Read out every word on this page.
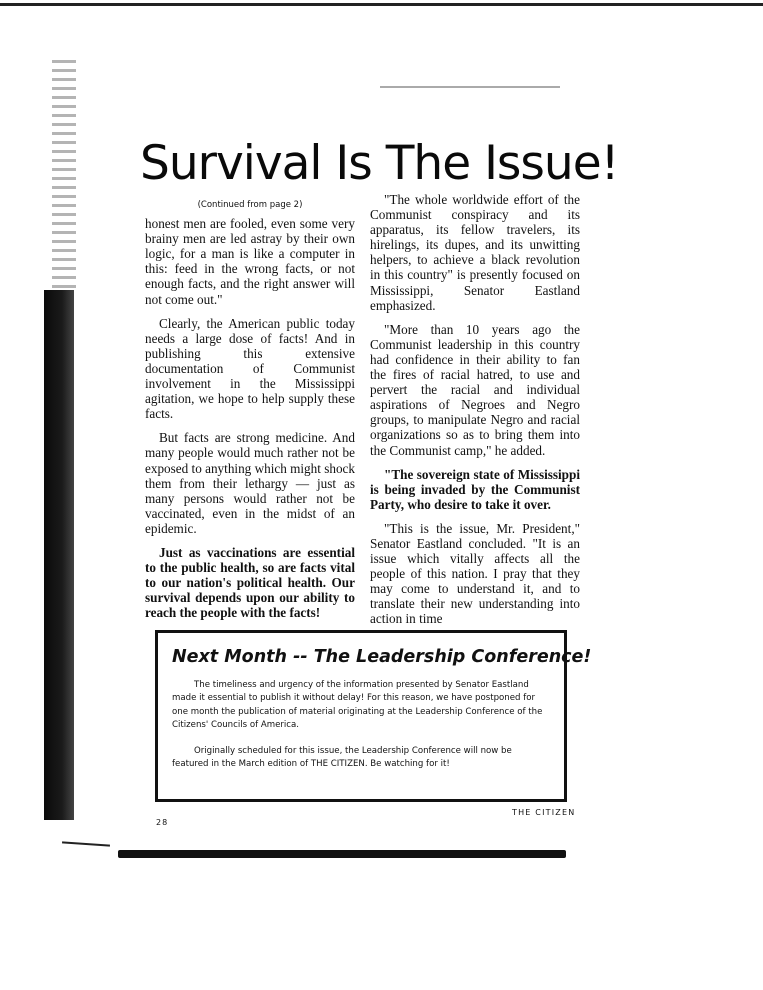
Survival Is The Issue!
(Continued from page 2)

honest men are fooled, even some very brainy men are led astray by their own logic, for a man is like a computer in this: feed in the wrong facts, or not enough facts, and the right answer will not come out."

Clearly, the American public today needs a large dose of facts! And in publishing this extensive documentation of Communist involvement in the Mississippi agitation, we hope to help supply these facts.

But facts are strong medicine. And many people would much rather not be exposed to anything which might shock them from their lethargy — just as many persons would rather not be vaccinated, even in the midst of an epidemic.

Just as vaccinations are essential to the public health, so are facts vital to our nation's political health. Our survival depends upon our ability to reach the people with the facts!

"The whole worldwide effort of the Communist conspiracy and its apparatus, its fellow travelers, its hirelings, its dupes, and its unwitting helpers, to achieve a black revolution in this country" is presently focused on Mississippi, Senator Eastland emphasized.

"More than 10 years ago the Communist leadership in this country had confidence in their ability to fan the fires of racial hatred, to use and pervert the racial and individual aspirations of Negroes and Negro groups, to manipulate Negro and racial organizations so as to bring them into the Communist camp," he added.

"The sovereign state of Mississippi is being invaded by the Communist Party, who desire to take it over.

"This is the issue, Mr. President," Senator Eastland concluded. "It is an issue which vitally affects all the people of this nation. I pray that they may come to understand it, and to translate their new understanding into action in time

Next Month -- The Leadership Conference!

The timeliness and urgency of the information presented by Senator Eastland made it essential to publish it without delay! For this reason, we have postponed for one month the publication of material originating at the Leadership Conference of the Citizens' Councils of America.

Originally scheduled for this issue, the Leadership Conference will now be featured in the March edition of THE CITIZEN. Be watching for it!

28
THE CITIZEN
